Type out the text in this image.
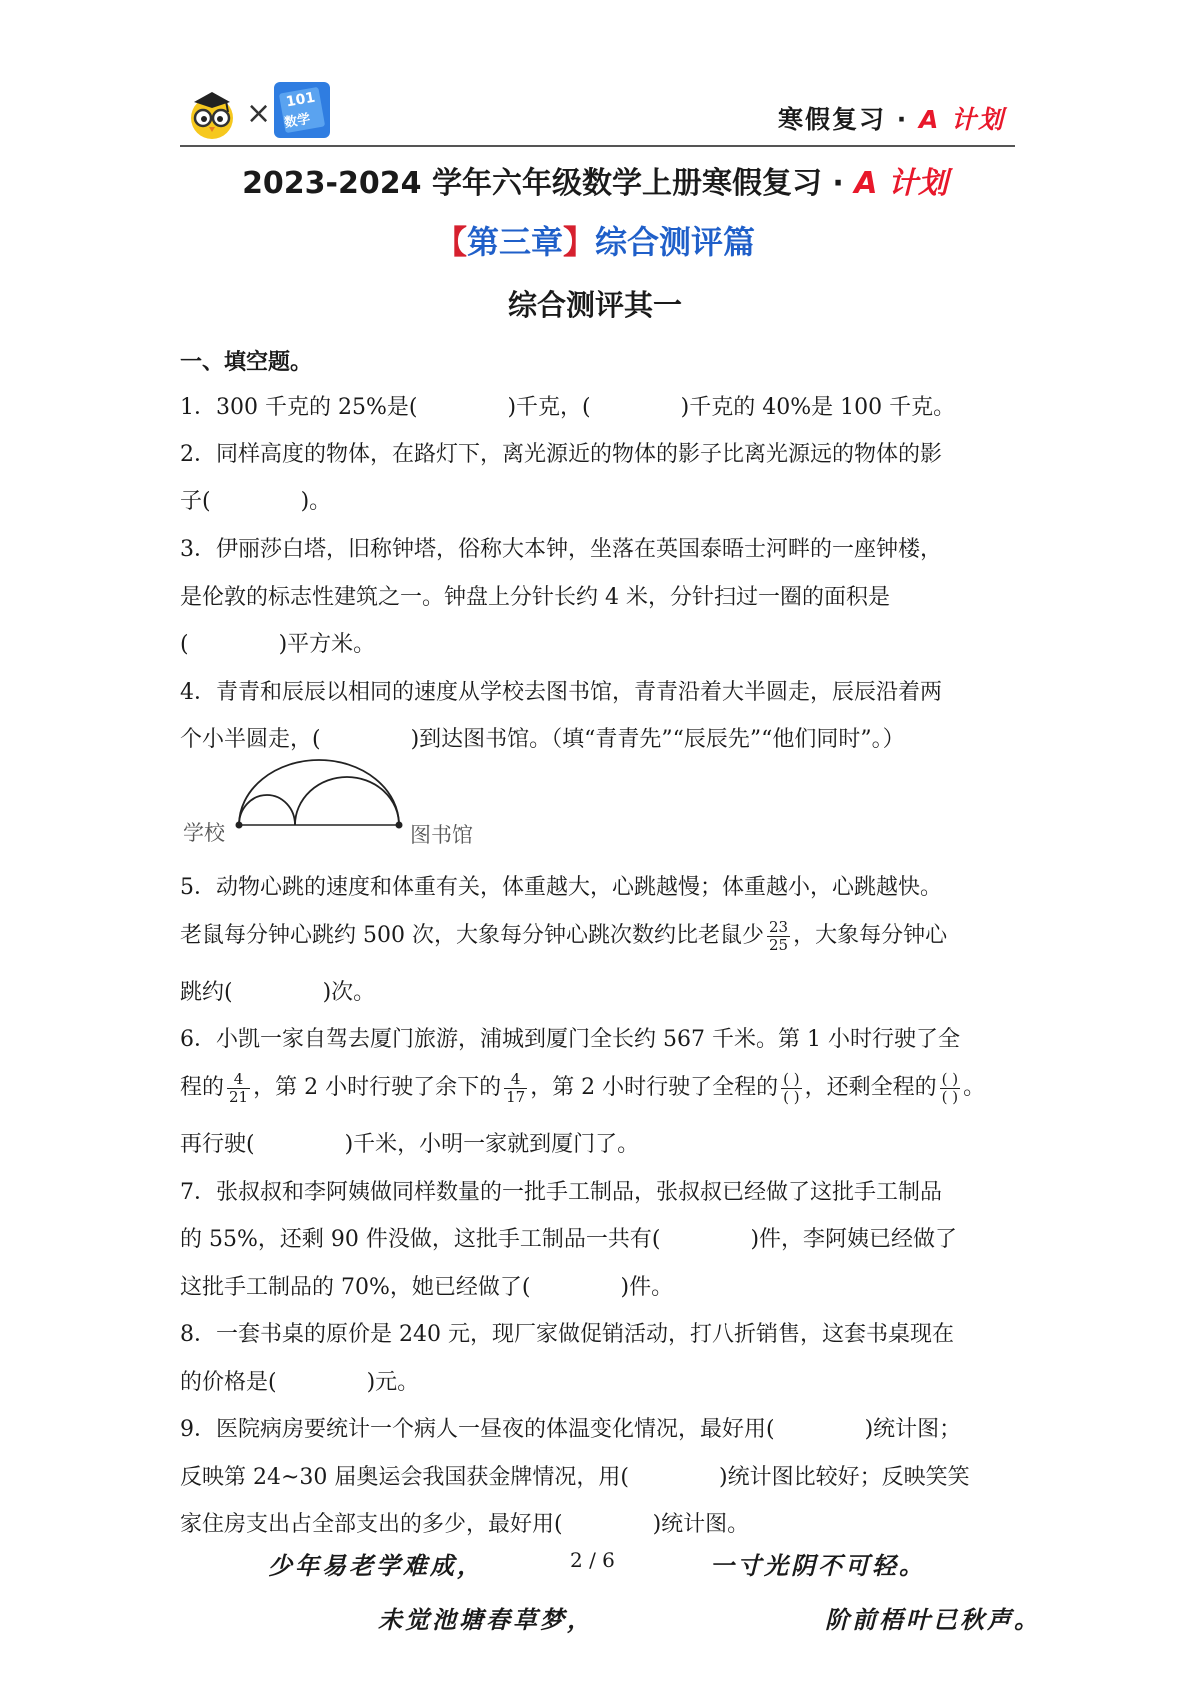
× 101
数学	寒假复习 · A 计划
2023-2024 学年六年级数学上册寒假复习 · A 计划
【第三章】综合测评篇
综合测评其一
一、填空题。
1．300 千克的 25%是(	)千克，(	)千克的 40%是 100 千克。
2．同样高度的物体，在路灯下，离光源近的物体的影子比离光源远的物体的影
子(	)。
3．伊丽莎白塔，旧称钟塔，俗称大本钟，坐落在英国泰晤士河畔的一座钟楼，
是伦敦的标志性建筑之一。钟盘上分针长约 4 米，分针扫过一圈的面积是
(	)平方米。
4．青青和辰辰以相同的速度从学校去图书馆，青青沿着大半圆走，辰辰沿着两
个小半圆走，(	)到达图书馆。（填“青青先”“辰辰先”“他们同时”。）
学校	图书馆
5．动物心跳的速度和体重有关，体重越大，心跳越慢；体重越小，心跳越快。
老鼠每分钟心跳约 500 次，大象每分钟心跳次数约比老鼠少 $\frac{23}{25}$ ，大象每分钟心
跳约(	)次。
6．小凯一家自驾去厦门旅游，浦城到厦门全长约 567 千米。第 1 小时行驶了全
程的 $\frac{4}{21}$ ，第 2 小时行驶了余下的 $\frac{4}{17}$ ，第 2 小时行驶了全程的 $\frac{( )}{( )}$ ，还剩全程的 $\frac{( )}{( )}$ 。
再行驶(	)千米，小明一家就到厦门了。
7．张叔叔和李阿姨做同样数量的一批手工制品，张叔叔已经做了这批手工制品
的 55%，还剩 90 件没做，这批手工制品一共有(	)件，李阿姨已经做了
这批手工制品的 70%，她已经做了(	)件。
8．一套书桌的原价是 240 元，现厂家做促销活动，打八折销售，这套书桌现在
的价格是(	)元。
9．医院病房要统计一个病人一昼夜的体温变化情况，最好用(	)统计图；
反映第 24~30 届奥运会我国获金牌情况，用(	)统计图比较好；反映笑笑
家住房支出占全部支出的多少，最好用(	)统计图。
少年易老学难成，	2 / 6	一寸光阴不可轻。
未觉池塘春草梦，	阶前梧叶已秋声。
